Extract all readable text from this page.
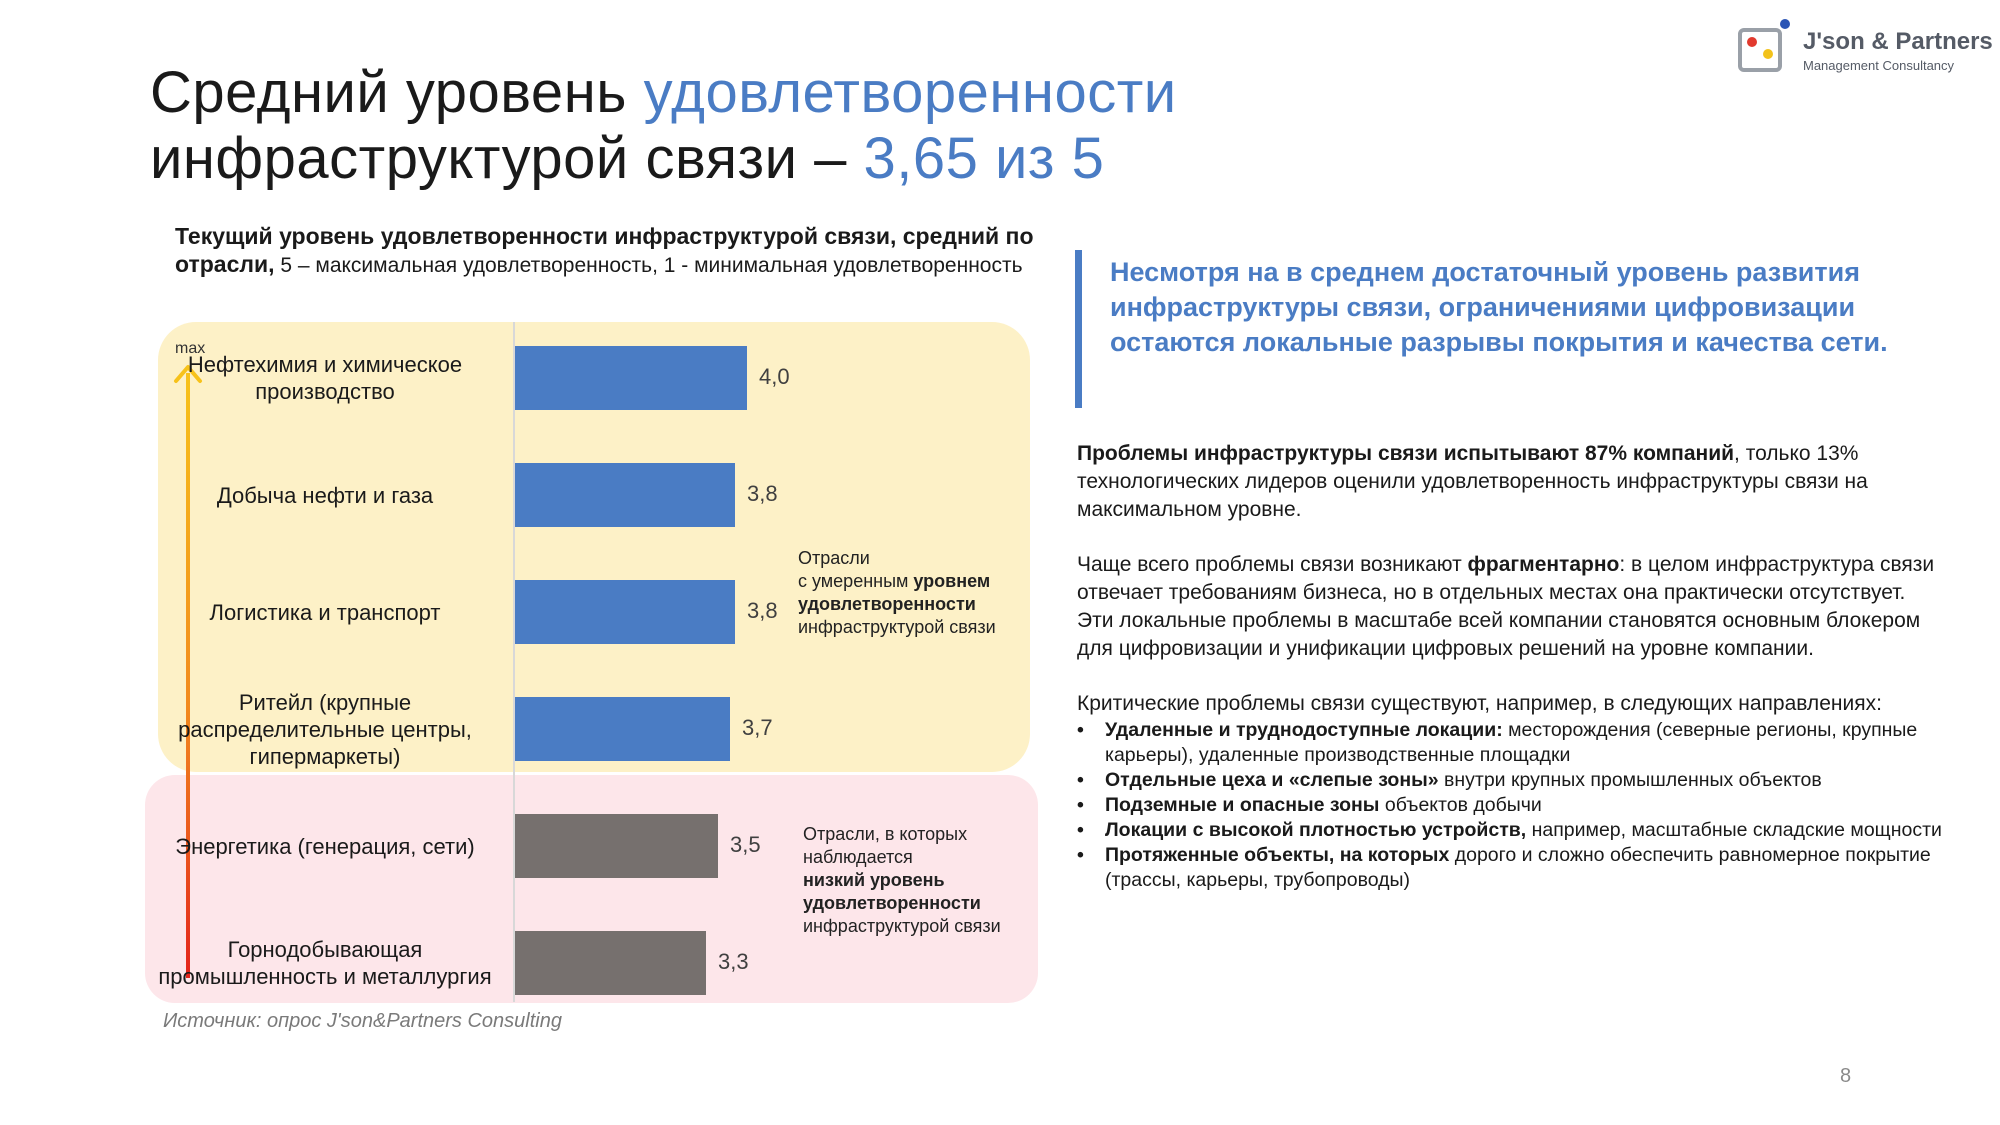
Средний уровень удовлетворенности
инфраструктурой связи – 3,65 из 5
J'son & Partners
Management Consultancy
Текущий уровень удовлетворенности инфраструктурой связи, средний по отрасли, 5 – максимальная удовлетворенность, 1 - минимальная удовлетворенность
max
4,0
Нефтехимия и химическое производство
3,8
Добыча нефти и газа
3,8
Логистика и транспорт
3,7
Ритейл (крупные распределительные центры, гипермаркеты)
3,5
Энергетика (генерация, сети)
3,3
Горнодобывающая промышленность и металлургия
Отрасли
с умеренным уровнем удовлетворенности
инфраструктурой связи
Отрасли, в которых наблюдается
низкий уровень удовлетворенности
инфраструктурой связи
Источник: опрос J'son&Partners Consulting
Несмотря на в среднем достаточный уровень развития инфраструктуры связи, ограничениями цифровизации остаются локальные разрывы покрытия и качества сети.

Проблемы инфраструктуры связи испытывают 87% компаний, только 13% технологических лидеров оценили удовлетворенность инфраструктуры связи на максимальном уровне.

Чаще всего проблемы связи возникают фрагментарно: в целом инфраструктура связи отвечает требованиям бизнеса, но в отдельных местах она практически отсутствует. Эти локальные проблемы в масштабе всей компании становятся основным блокером для цифровизации и унификации цифровых решений на уровне компании.

Критические проблемы связи существуют, например, в следующих направлениях:

• Удаленные и труднодоступные локации: месторождения (северные регионы, крупные карьеры), удаленные производственные площадки
• Отдельные цеха и «слепые зоны» внутри крупных промышленных объектов
• Подземные и опасные зоны объектов добычи
• Локации с высокой плотностью устройств, например, масштабные складские мощности
• Протяженные объекты, на которых дорого и сложно обеспечить равномерное покрытие (трассы, карьеры, трубопроводы)
8
